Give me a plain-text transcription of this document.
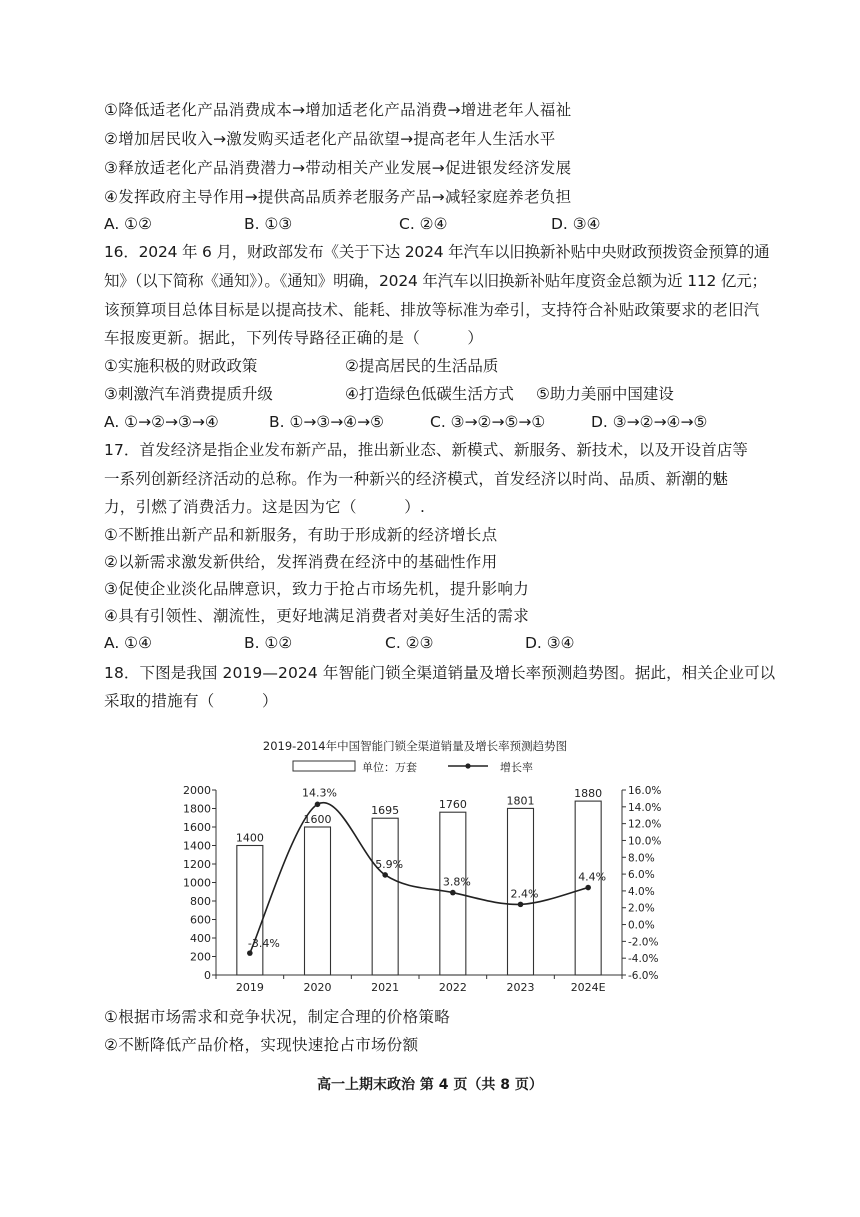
①降低适老化产品消费成本→增加适老化产品消费→增进老年人福祉
②增加居民收入→激发购买适老化产品欲望→提高老年人生活水平
③释放适老化产品消费潜力→带动相关产业发展→促进银发经济发展
④发挥政府主导作用→提供高品质养老服务产品→减轻家庭养老负担
A. ①②	B. ①③	C. ②④	D. ③④
16．2024 年 6 月，财政部发布《关于下达 2024 年汽车以旧换新补贴中央财政预拨资金预算的通
知》（以下简称《通知》）。《通知》明确，2024 年汽车以旧换新补贴年度资金总额为近 112 亿元；
该预算项目总体目标是以提高技术、能耗、排放等标准为牵引，支持符合补贴政策要求的老旧汽
车报废更新。据此，下列传导路径正确的是（　　　）
①实施积极的财政政策	②提高居民的生活品质
③刺激汽车消费提质升级	④打造绿色低碳生活方式 ⑤助力美丽中国建设
A. ①→②→③→④	B. ①→③→④→⑤	C. ③→②→⑤→①	D. ③→②→④→⑤
17．首发经济是指企业发布新产品，推出新业态、新模式、新服务、新技术，以及开设首店等
一系列创新经济活动的总称。作为一种新兴的经济模式，首发经济以时尚、品质、新潮的魅
力，引燃了消费活力。这是因为它（　　　）.
①不断推出新产品和新服务，有助于形成新的经济增长点
②以新需求激发新供给，发挥消费在经济中的基础性作用
③促使企业淡化品牌意识，致力于抢占市场先机，提升影响力
④具有引领性、潮流性，更好地满足消费者对美好生活的需求
A. ①④	B. ①②	C. ②③	D. ③④
18．下图是我国 2019—2024 年智能门锁全渠道销量及增长率预测趋势图。据此，相关企业可以
采取的措施有（　　　）
2019-2014年中国智能门锁全渠道销量及增长率预测趋势图
单位：万套	增长率
0
200
400
600
800
1000
1200
1400
1600
1800
2000
-6.0%
-4.0%
-2.0%
0.0%
2.0%
4.0%
6.0%
8.0%
10.0%
12.0%
14.0%
16.0%
1400
1600
1695	1760	1801
1880
-3.4%
14.3%
5.9%
3.8%
2.4%
4.4%
2019	2020	2021	2022	2023	2024E
①根据市场需求和竞争状况，制定合理的价格策略
②不断降低产品价格，实现快速抢占市场份额
高一上期末政治 第 4 页（共 8 页）
